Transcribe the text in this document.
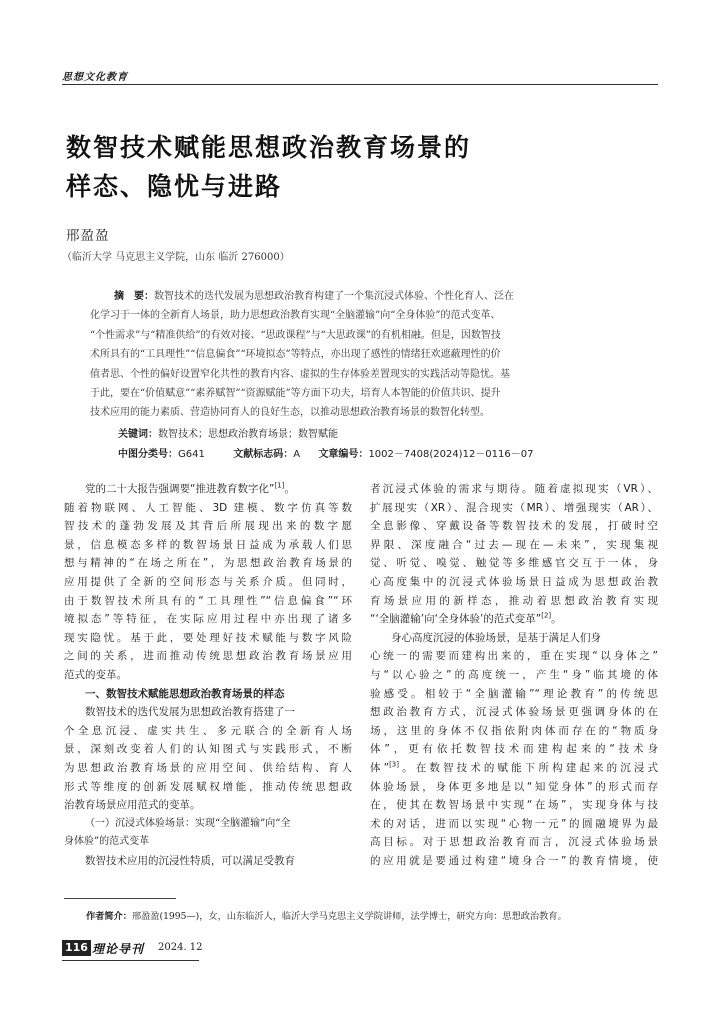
思想文化教育
数智技术赋能思想政治教育场景的
样态、隐忧与进路
邢盈盈
（临沂大学 马克思主义学院，山东 临沂 276000）
摘　要：数智技术的迭代发展为思想政治教育构建了一个集沉浸式体验、个性化育人、泛在
化学习于一体的全新育人场景，助力思想政治教育实现“全脑灌输”向“全身体验”的范式变革、
“个性需求”与“精准供给”的有效对接、“思政课程”与“大思政课”的有机相融。但是，因数智技
术所具有的“工具理性”“信息偏食”“环境拟态”等特点，亦出现了感性的情绪狂欢遮蔽理性的价
值者思、个性的偏好设置窄化共性的教育内容、虚拟的生存体验差置现实的实践活动等隐忧。基
于此，要在“价值赋意”“素养赋智”“资源赋能”等方面下功夫，培育人本智能的价值共识、提升
技术应用的能力素质、营造协同育人的良好生态，以推动思想政治教育场景的数智化转型。
关键词：数智技术；思想政治教育场景；数智赋能
中图分类号：G641	文献标志码：A 文章编号：1002－7408(2024)12－0116－07
党的二十大报告强调要“推进教育数字化”[1]。
随着物联网、人工智能、3D 建模、数字仿真等数
智技术的蓬勃发展及其背后所展现出来的数字愿
景，信息模态多样的数智场景日益成为承载人们思
想与精神的“在场之所在”，为思想政治教育场景的
应用提供了全新的空间形态与关系介质。但同时，
由于数智技术所具有的“工具理性”“信息偏食”“环
境拟态”等特征，在实际应用过程中亦出现了诸多
现实隐忧。基于此，要处理好技术赋能与数字风险
之间的关系，进而推动传统思想政治教育场景应用
范式的变革。
一、数智技术赋能思想政治教育场景的样态
数智技术的迭代发展为思想政治教育搭建了一
个全息沉浸、虚实共生、多元联合的全新育人场
景，深刻改变着人们的认知图式与实践形式，不断
为思想政治教育场景的应用空间、供给结构、育人
形式等维度的创新发展赋权增能，推动传统思想政
治教育场景应用范式的变革。
（一）沉浸式体验场景：实现“全脑灌输”向“全
身体验”的范式变革
数智技术应用的沉浸性特质，可以满足受教育
者沉浸式体验的需求与期待。随着虚拟现实（VR）、
扩展现实（XR）、混合现实（MR）、增强现实（AR）、
全息影像、穿戴设备等数智技术的发展，打破时空
界限、深度融合“过去—现在—未来”，实现集视
觉、听觉、嗅觉、触觉等多维感官交互于一体，身
心高度集中的沉浸式体验场景日益成为思想政治教
育场景应用的新样态，推动着思想政治教育实现
“‘全脑灌输’向‘全身体验’的范式变革”[2]。
身心高度沉浸的体验场景，是基于满足人们身
心统一的需要而建构出来的，重在实现“以身体之”
与“以心验之”的高度统一，产生“身”临其境的体
验感受。相较于“全脑灌输”“理论教育”的传统思
想政治教育方式，沉浸式体验场景更强调身体的在
场，这里的身体不仅指依附肉体而存在的“物质身
体”，更有依托数智技术而建构起来的“技术身
体”[3]。在数智技术的赋能下所构建起来的沉浸式
体验场景，身体更多地是以“知觉身体”的形式而存
在，使其在数智场景中实现“在场”，实现身体与技
术的对话，进而以实现“心物一元”的圆融境界为最
高目标。对于思想政治教育而言，沉浸式体验场景
的应用就是要通过构建“境身合一”的教育情境，使
作者简介：邢盈盈(1995—)，女，山东临沂人，临沂大学马克思主义学院讲师，法学博士，研究方向：思想政治教育。
116 理论导刊 2024. 12
